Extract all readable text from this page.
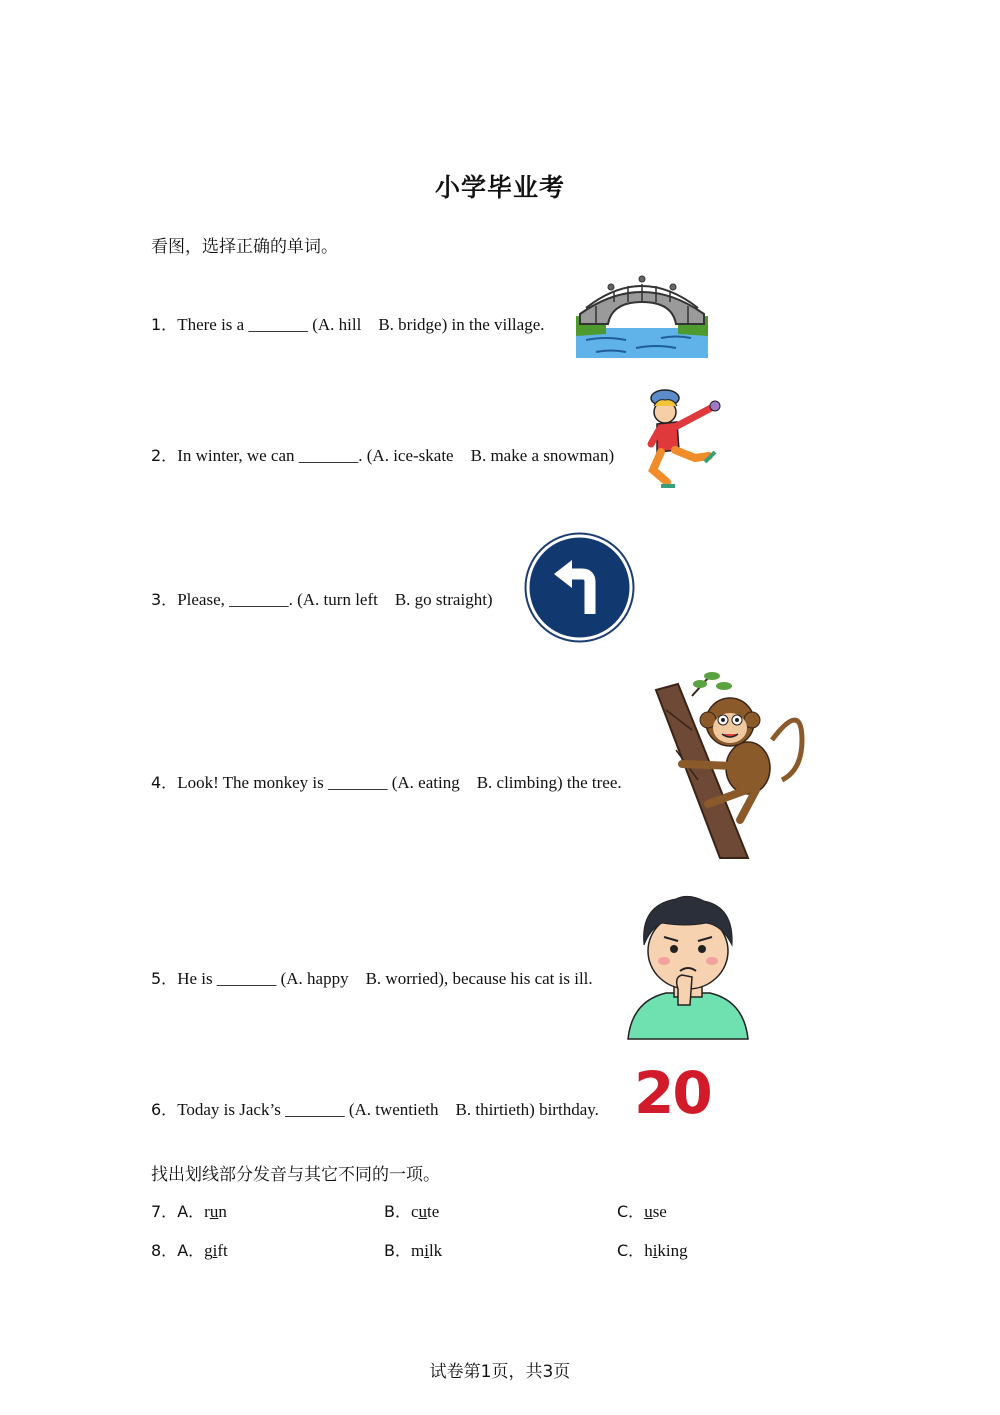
小学毕业考
看图，选择正确的单词。
1．There is a _______ (A. hill　B. bridge) in the village.
2．In winter, we can _______. (A. ice-skate　B. make a snowman)
3．Please, _______. (A. turn left　B. go straight)
4．Look! The monkey is _______ (A. eating　B. climbing) the tree.
5．He is _______ (A. happy　B. worried), because his cat is ill.
6．Today is Jack’s _______ (A. twentieth　B. thirtieth) birthday. 20
找出划线部分发音与其它不同的一项。
7．A．run	B．cute	C．use
8．A．gift	B．milk	C．hiking
试卷第1页，共3页
